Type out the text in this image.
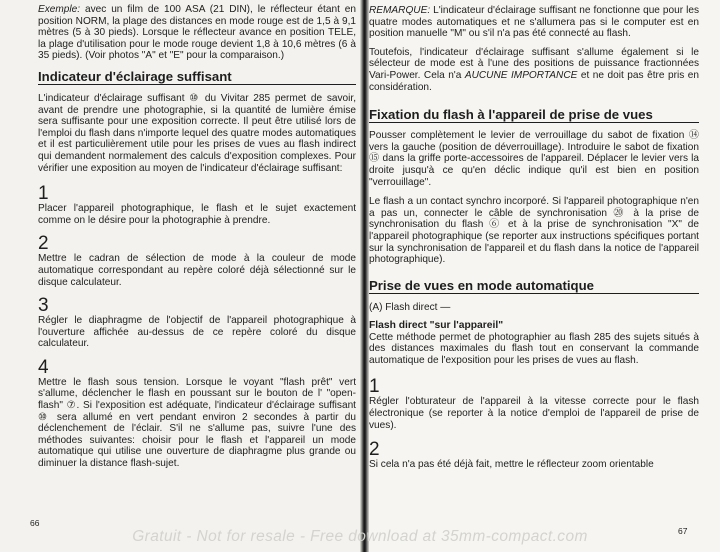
Exemple: avec un film de 100 ASA (21 DIN), le réflecteur étant en position NORM, la plage des distances en mode rouge est de 1,5 à 9,1 mètres (5 à 30 pieds). Lorsque le réflecteur avance en position TELE, la plage d'utilisation pour le mode rouge devient 1,8 à 10,6 mètres (6 à 35 pieds). (Voir photos "A" et "E" pour la comparaison.)

Indicateur d'éclairage suffisant

L'indicateur d'éclairage suffisant ⑩ du Vivitar 285 permet de savoir, avant de prendre une photographie, si la quantité de lumière émise sera suffisante pour une exposition correcte. Il peut être utilisé lors de l'emploi du flash dans n'importe lequel des quatre modes automatiques et il est particulièrement utile pour les prises de vues au flash indirect qui demandent normalement des calculs d'exposition complexes. Pour vérifier une exposition au moyen de l'indicateur d'éclairage suffisant:

1

Placer l'appareil photographique, le flash et le sujet exactement comme on le désire pour la photographie à prendre.

2

Mettre le cadran de sélection de mode à la couleur de mode automatique correspondant au repère coloré déjà sélectionné sur le disque calculateur.

3

Régler le diaphragme de l'objectif de l'appareil photographique à l'ouverture affichée au-dessus de ce repère coloré du disque calculateur.

4

Mettre le flash sous tension. Lorsque le voyant "flash prêt" vert s'allume, déclencher le flash en poussant sur le bouton de l' "open-flash" ⑦. Si l'exposition est adéquate, l'indicateur d'éclairage suffisant ⑩ sera allumé en vert pendant environ 2 secondes à partir du déclenchement de l'éclair. S'il ne s'allume pas, suivre l'une des méthodes suivantes: choisir pour le flash et l'appareil un mode automatique qui utilise une ouverture de diaphragme plus grande ou diminuer la distance flash-sujet.

66

REMARQUE: L'indicateur d'éclairage suffisant ne fonctionne que pour les quatre modes automatiques et ne s'allumera pas si le computer est en position manuelle "M" ou s'il n'a pas été connecté au flash.

Toutefois, l'indicateur d'éclairage suffisant s'allume également si le sélecteur de mode est à l'une des positions de puissance fractionnées Vari-Power. Cela n'a AUCUNE IMPORTANCE et ne doit pas être pris en considération.

Fixation du flash à l'appareil de prise de vues

Pousser complètement le levier de verrouillage du sabot de fixation ⑭ vers la gauche (position de déverrouillage). Introduire le sabot de fixation ⑮ dans la griffe porte-accessoires de l'appareil. Déplacer le levier vers la droite jusqu'à ce qu'en déclic indique qu'il est bien en position "verrouillage".

Le flash a un contact synchro incorporé. Si l'appareil photographique n'en a pas un, connecter le câble de synchronisation ⑳ à la prise de synchronisation du flash ⑥ et à la prise de synchronisation "X" de l'appareil photographique (se reporter aux instructions spécifiques portant sur la synchronisation de l'appareil et du flash dans la notice de l'appareil photographique).

Prise de vues en mode automatique
(A) Flash direct —
Flash direct "sur l'appareil"

Cette méthode permet de photographier au flash 285 des sujets situés à des distances maximales du flash tout en conservant la commande automatique de l'exposition pour les prises de vues au flash.

1

Régler l'obturateur de l'appareil à la vitesse correcte pour le flash électronique (se reporter à la notice d'emploi de l'appareil de prise de vues).

2

Si cela n'a pas été déjà fait, mettre le réflecteur zoom orientable

67
Gratuit - Not for resale - Free download at 35mm-compact.com
